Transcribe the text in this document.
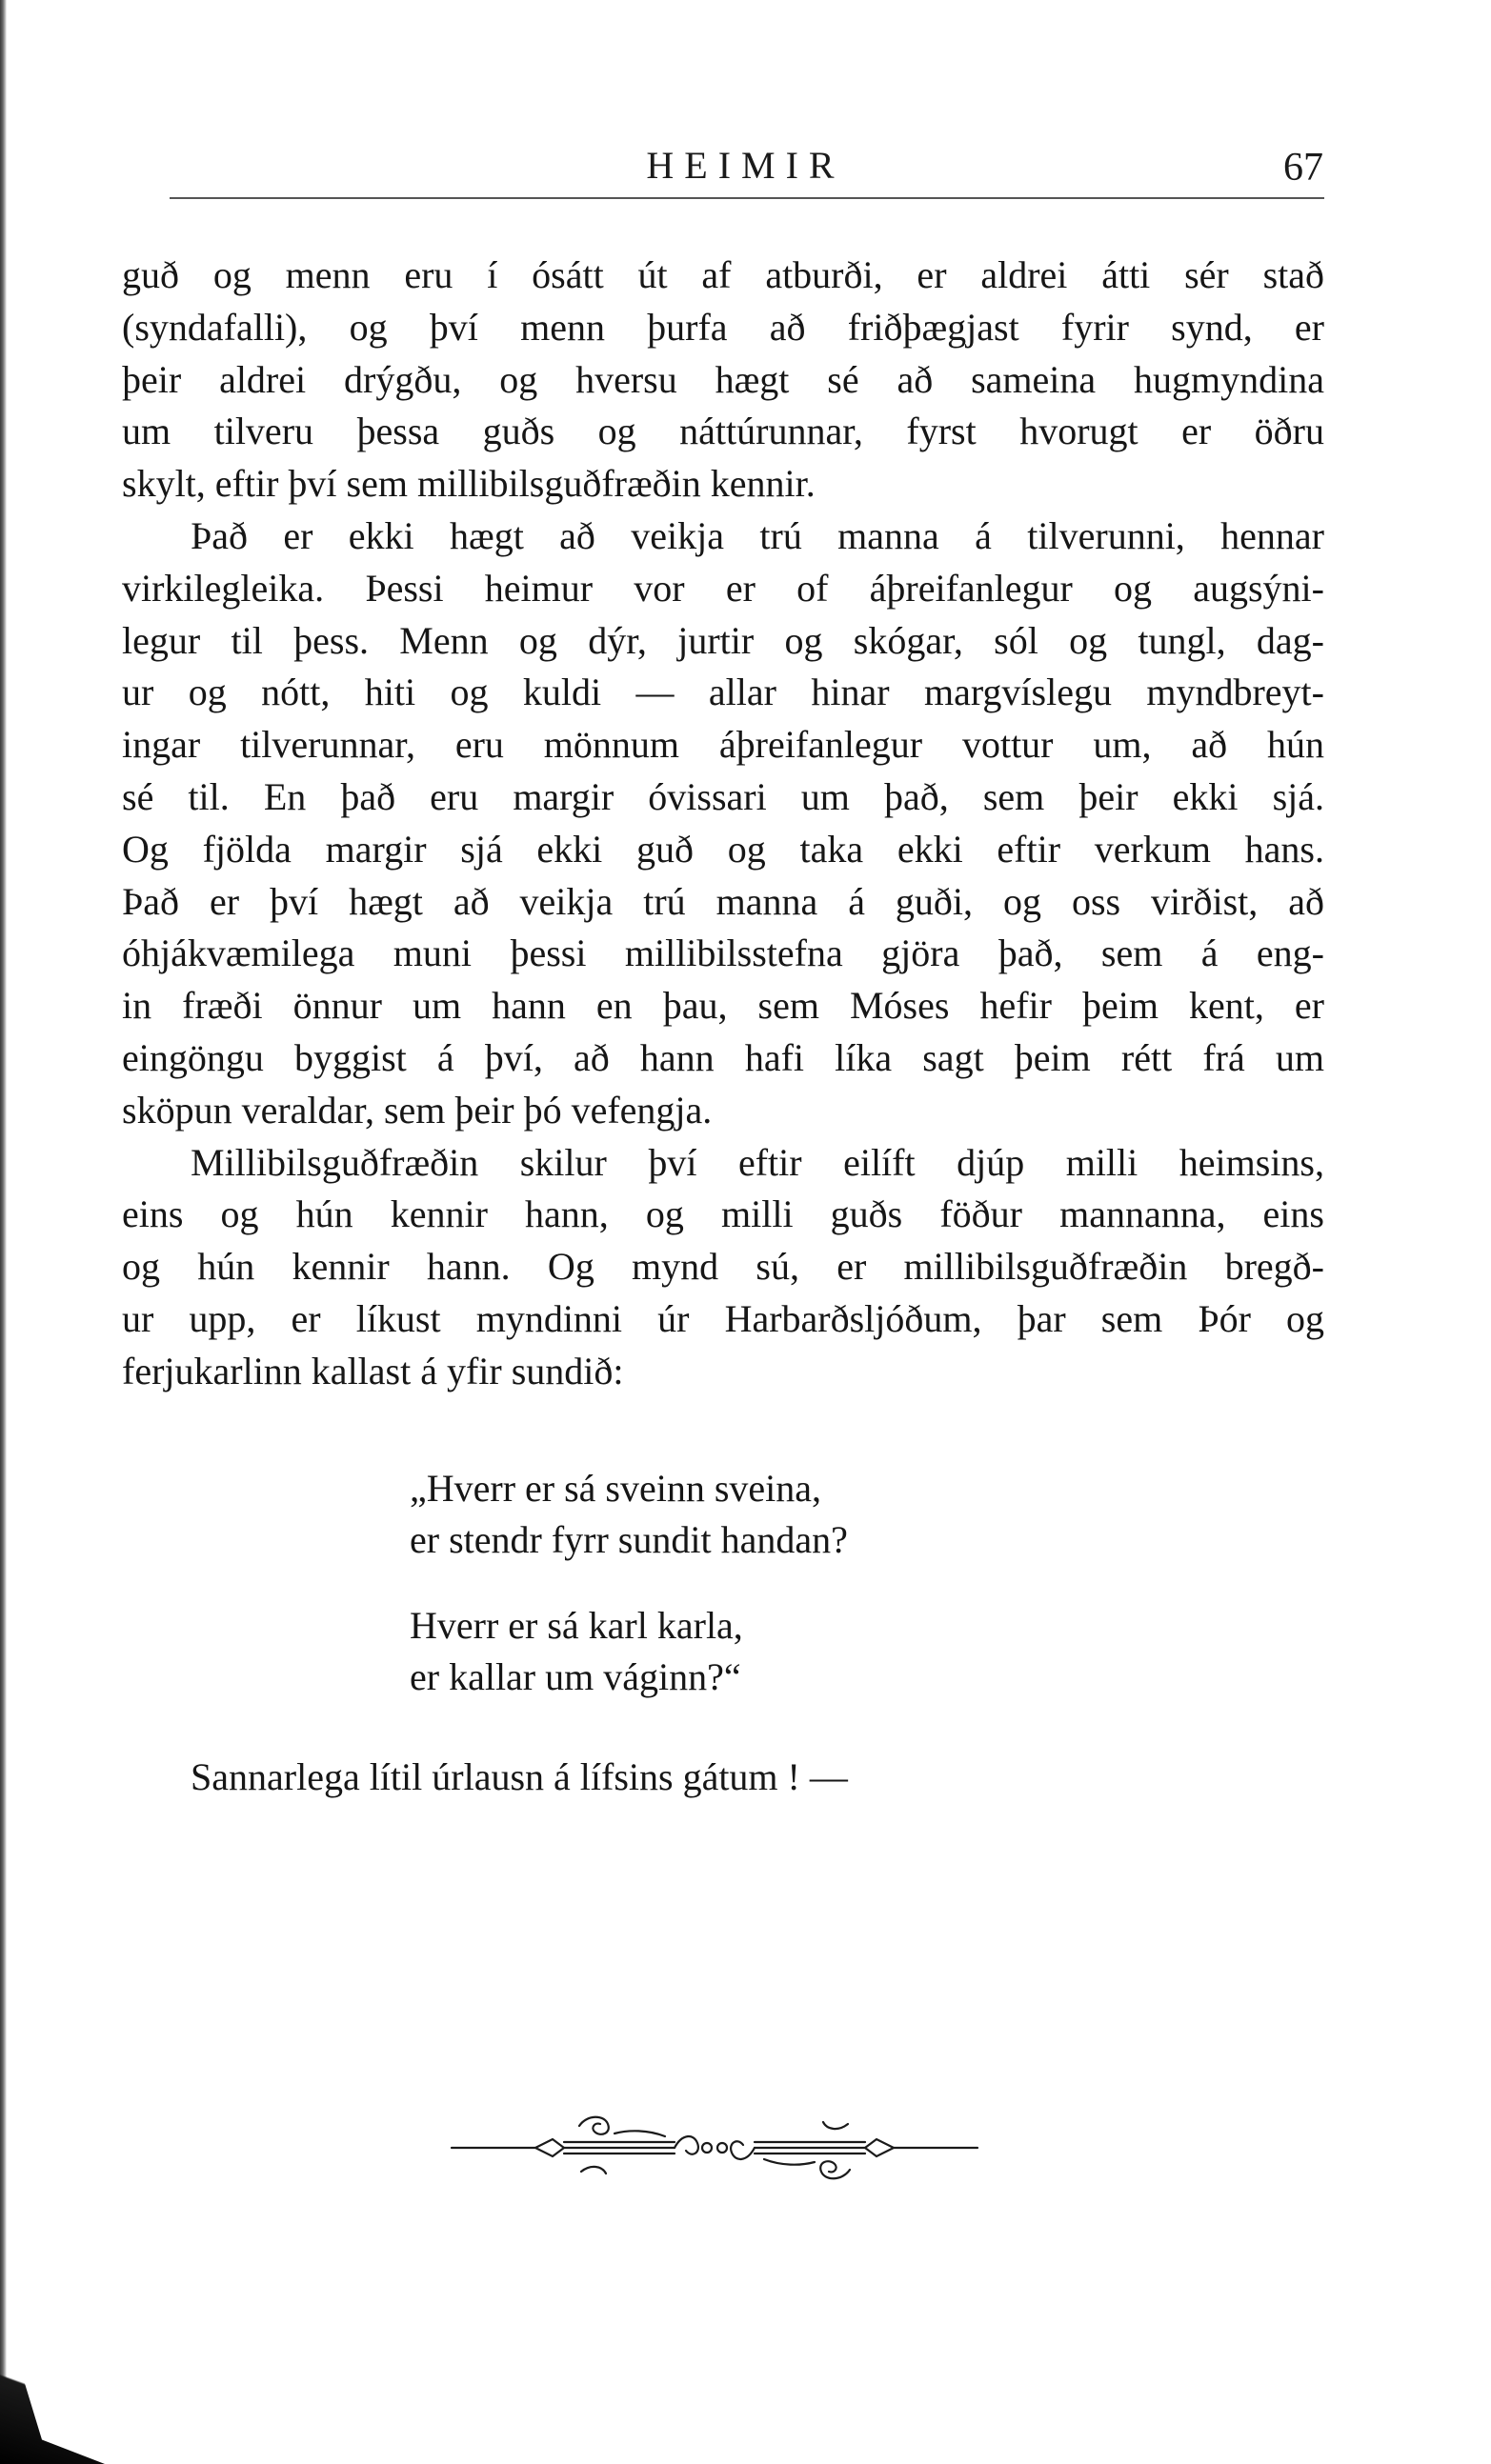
HEIMIR	67
guð og menn eru í ósátt út af atburði, er aldrei átti sér stað
(syndafalli), og því menn þurfa að friðþægjast fyrir synd, er
þeir aldrei drýgðu, og hversu hægt sé að sameina hugmyndina
um tilveru þessa guðs og náttúrunnar, fyrst hvorugt er öðru
skylt, eftir því sem millibilsguðfræðin kennir.
Það er ekki hægt að veikja trú manna á tilverunni, hennar
virkilegleika. Þessi heimur vor er of áþreifanlegur og augsýni-
legur til þess. Menn og dýr, jurtir og skógar, sól og tungl, dag-
ur og nótt, hiti og kuldi — allar hinar margvíslegu myndbreyt-
ingar tilverunnar, eru mönnum áþreifanlegur vottur um, að hún
sé til. En það eru margir óvissari um það, sem þeir ekki sjá.
Og fjölda margir sjá ekki guð og taka ekki eftir verkum hans.
Það er því hægt að veikja trú manna á guði, og oss virðist, að
óhjákvæmilega muni þessi millibilsstefna gjöra það, sem á eng-
in fræði önnur um hann en þau, sem Móses hefir þeim kent, er
eingöngu byggist á því, að hann hafi líka sagt þeim rétt frá um
sköpun veraldar, sem þeir þó vefengja.
Millibilsguðfræðin skilur því eftir eilíft djúp milli heimsins,
eins og hún kennir hann, og milli guðs föður mannanna, eins
og hún kennir hann. Og mynd sú, er millibilsguðfræðin bregð-
ur upp, er líkust myndinni úr Harbarðsljóðum, þar sem Þór og
ferjukarlinn kallast á yfir sundið:
„Hverr er sá sveinn sveina,
er stendr fyrr sundit handan?
Hverr er sá karl karla,
er kallar um váginn?“
Sannarlega lítil úrlausn á lífsins gátum ! —
